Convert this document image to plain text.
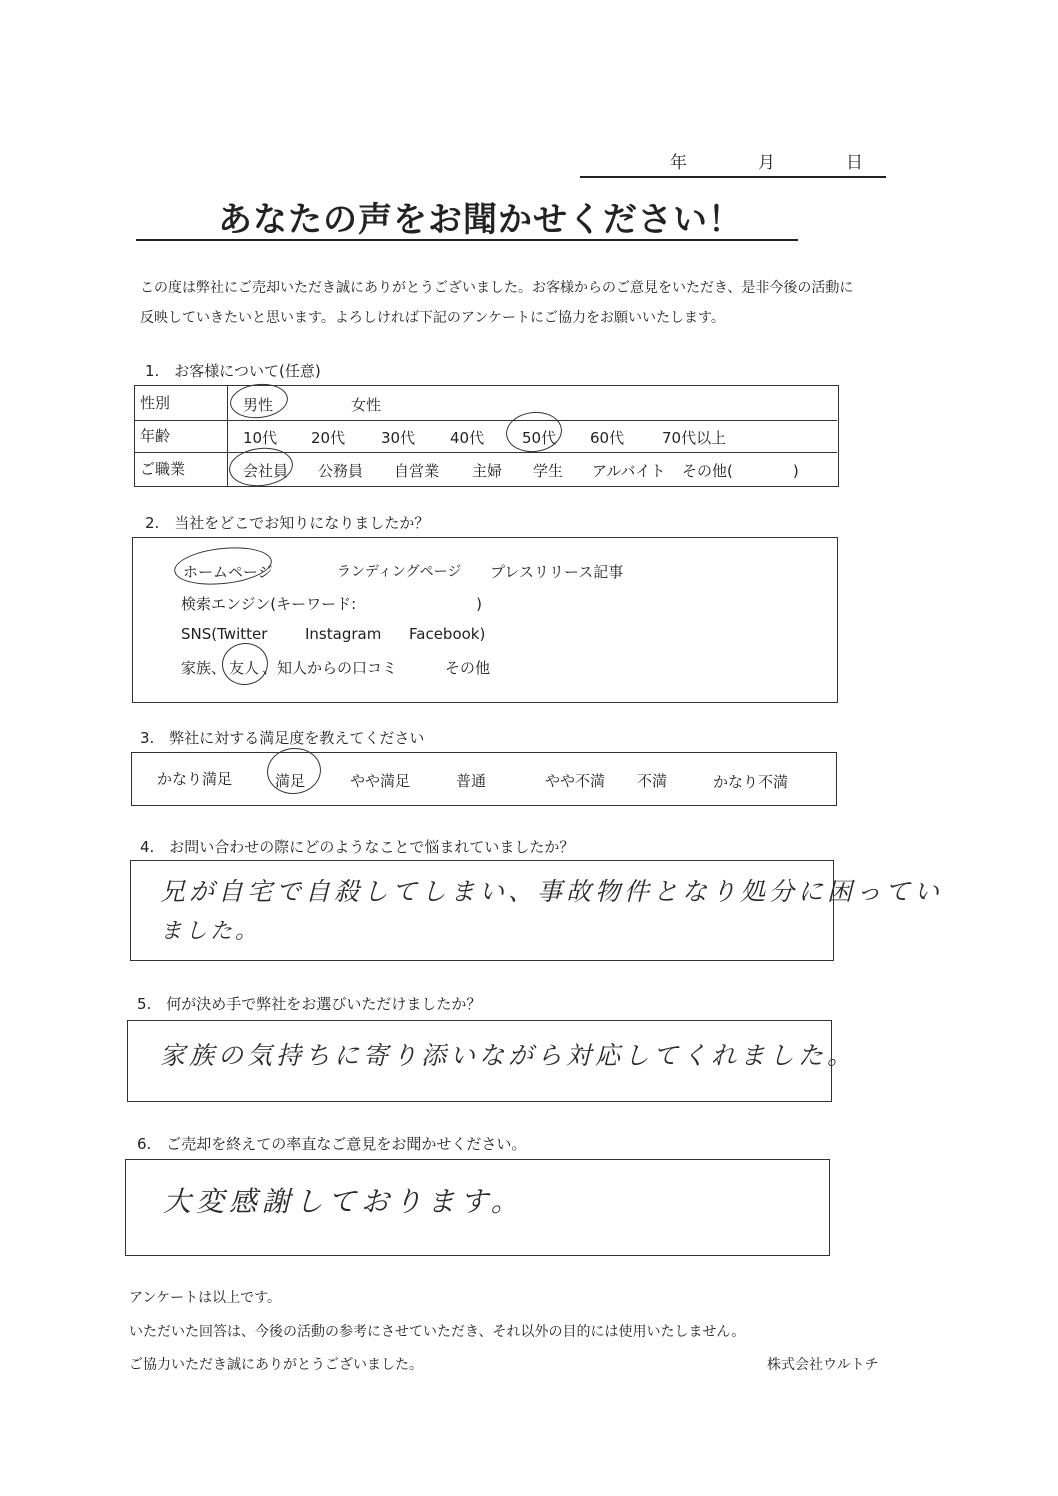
年	月	日
あなたの声をお聞かせください！
この度は弊社にご売却いただき誠にありがとうございました。お客様からのご意見をいただき、是非今後の活動に
反映していきたいと思います。よろしければ下記のアンケートにご協力をお願いいたします。
1.　お客様について(任意)
性別	男性	女性
年齢	10代 20代 30代 40代	50代 60代	70代以上
ご職業	会社員 公務員 自営業 主婦 学生 アルバイト その他(　　　　)
2.　当社をどこでお知りになりましたか？
ホームページ	ランディングページ プレスリリース記事
検索エンジン(キーワード:　　　　　　　　)
SNS(Twitter	Instagram Facebook)
家族、 友人 、知人からの口コミ	その他
3.　弊社に対する満足度を教えてください
かなり満足	満足	やや満足	普通	やや不満 不満	かなり不満
4.　お問い合わせの際にどのようなことで悩まれていましたか？
兄が自宅で自殺してしまい、事故物件となり処分に困ってい
ました。
5.　何が決め手で弊社をお選びいただけましたか？
家族の気持ちに寄り添いながら対応してくれました。
6.　ご売却を終えての率直なご意見をお聞かせください。
大変感謝しております。
アンケートは以上です。
いただいた回答は、今後の活動の参考にさせていただき、それ以外の目的には使用いたしません。
ご協力いただき誠にありがとうございました。	株式会社ウルトチ
